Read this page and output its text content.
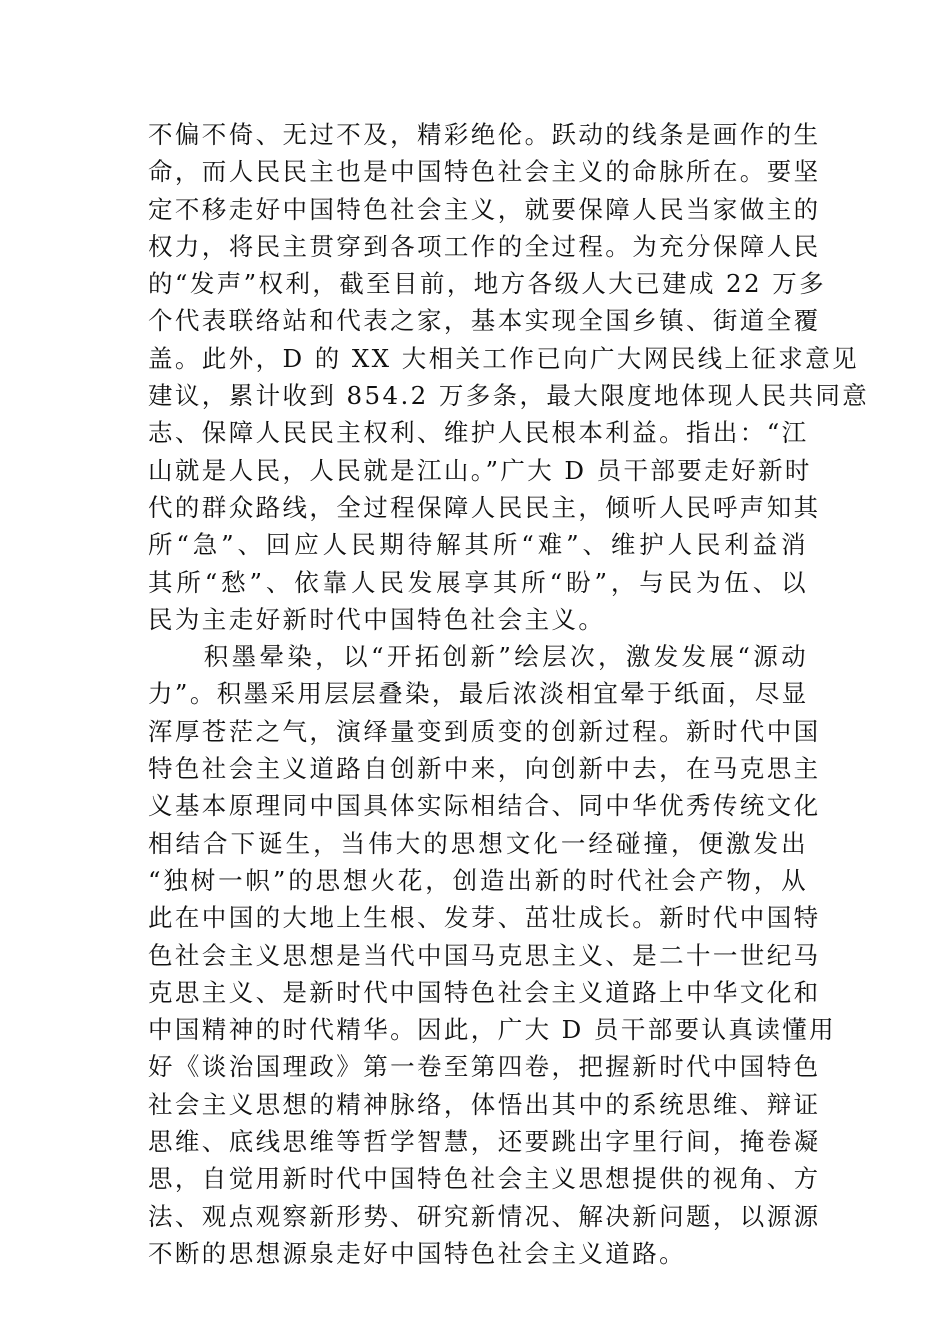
不偏不倚、无过不及，精彩绝伦。跃动的线条是画作的生
命，而人民民主也是中国特色社会主义的命脉所在。要坚
定不移走好中国特色社会主义，就要保障人民当家做主的
权力，将民主贯穿到各项工作的全过程。为充分保障人民
的“发声”权利，截至目前，地方各级人大已建成 22 万多
个代表联络站和代表之家，基本实现全国乡镇、街道全覆
盖。此外，D 的 XX 大相关工作已向广大网民线上征求意见
建议，累计收到 854.2 万多条，最大限度地体现人民共同意
志、保障人民民主权利、维护人民根本利益。指出：“江
山就是人民，人民就是江山。”广大 D 员干部要走好新时
代的群众路线，全过程保障人民民主，倾听人民呼声知其
所“急”、回应人民期待解其所“难”、维护人民利益消
其所“愁”、依靠人民发展享其所“盼”，与民为伍、以
民为主走好新时代中国特色社会主义。
　　积墨晕染，以“开拓创新”绘层次，激发发展“源动
力”。积墨采用层层叠染，最后浓淡相宜晕于纸面，尽显
浑厚苍茫之气，演绎量变到质变的创新过程。新时代中国
特色社会主义道路自创新中来，向创新中去，在马克思主
义基本原理同中国具体实际相结合、同中华优秀传统文化
相结合下诞生，当伟大的思想文化一经碰撞，便激发出
“独树一帜”的思想火花，创造出新的时代社会产物，从
此在中国的大地上生根、发芽、茁壮成长。新时代中国特
色社会主义思想是当代中国马克思主义、是二十一世纪马
克思主义、是新时代中国特色社会主义道路上中华文化和
中国精神的时代精华。因此，广大 D 员干部要认真读懂用
好《谈治国理政》第一卷至第四卷，把握新时代中国特色
社会主义思想的精神脉络，体悟出其中的系统思维、辩证
思维、底线思维等哲学智慧，还要跳出字里行间，掩卷凝
思，自觉用新时代中国特色社会主义思想提供的视角、方
法、观点观察新形势、研究新情况、解决新问题，以源源
不断的思想源泉走好中国特色社会主义道路。
